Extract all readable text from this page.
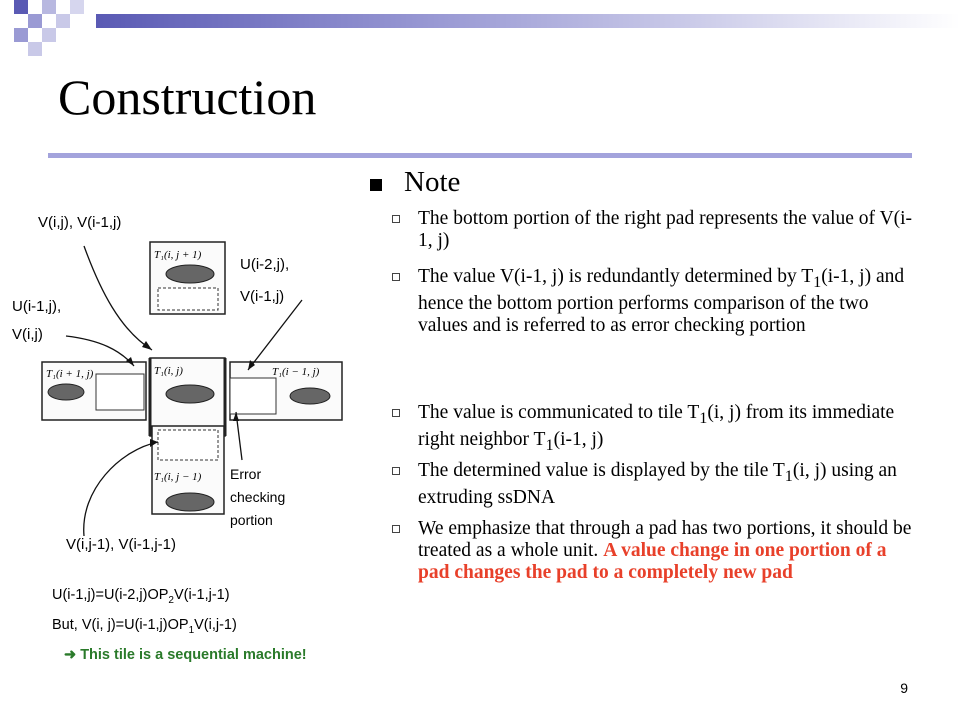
Construction
Note
The bottom portion of the right pad represents the value of V(i-1, j)
The value V(i-1, j) is redundantly determined by $T_1(i-1$, j) and hence the bottom portion performs comparison of the two values and is referred to as error checking portion
The value is communicated to tile $T_1(i$, j) from its immediate right neighbor $T_1(i-1$, j)
The determined value is displayed by the tile $T_1(i$, j) using an extruding ssDNA
We emphasize that through a pad has two portions, it should be treated as a whole unit. A value change in one portion of a pad changes the pad to a completely new pad
T₁(i, j + 1)
T₁(i, j)
T₁(i + 1, j)	T₁(i − 1, j)
T₁(i, j − 1)
V(i,j), V(i-1,j)
U(i-2,j),
V(i-1,j)
U(i-1,j),
V(i,j)
Error
checking
portion
V(i,j-1), V(i-1,j-1)
$U(i-1,j)=U(i-2,j)OP_2V(i-1,j-1)$
But, V(i, $j)=U(i-1,j)OP_1V(i,j-1)$
➜ This tile is a sequential machine!
9
